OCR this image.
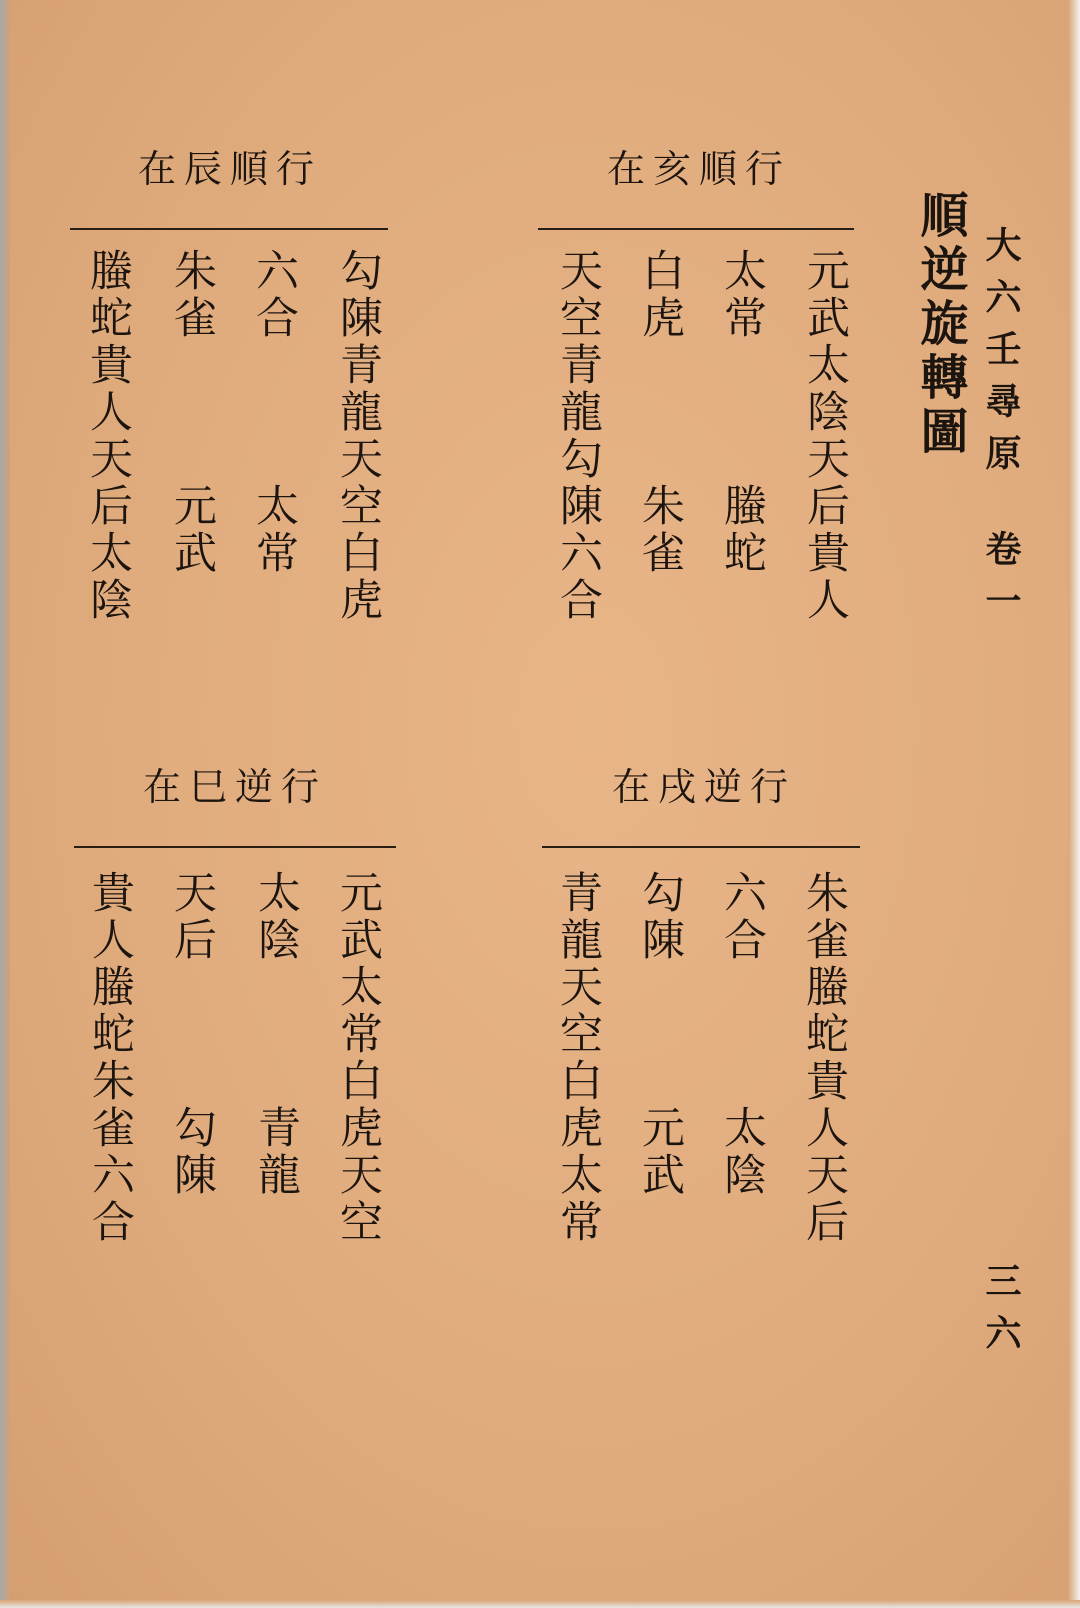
大六壬尋原
卷一
三六
順逆旋轉圖
在亥順行
元武太陰天后貴人
太常　　　螣蛇
白虎　　　朱雀
天空青龍勾陳六合
在辰順行
勾陳青龍天空白虎
六合　　　太常
朱雀　　　元武
螣蛇貴人天后太陰
在戌逆行
朱雀螣蛇貴人天后
六合　　　太陰
勾陳　　　元武
青龍天空白虎太常
在巳逆行
元武太常白虎天空
太陰　　　青龍
天后　　　勾陳
貴人螣蛇朱雀六合
